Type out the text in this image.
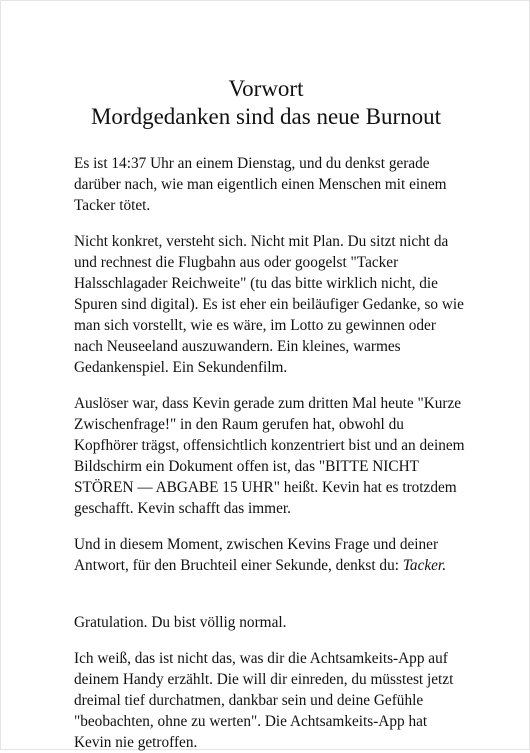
Vorwort
Mordgedanken sind das neue Burnout

Es ist 14:37 Uhr an einem Dienstag, und du denkst gerade darüber nach, wie man eigentlich einen Menschen mit einem Tacker tötet.

Nicht konkret, versteht sich. Nicht mit Plan. Du sitzt nicht da und rechnest die Flugbahn aus oder googelst "Tacker Halsschlagader Reichweite" (tu das bitte wirklich nicht, die Spuren sind digital). Es ist eher ein beiläufiger Gedanke, so wie man sich vorstellt, wie es wäre, im Lotto zu gewinnen oder nach Neuseeland auszuwandern. Ein kleines, warmes Gedankenspiel. Ein Sekundenfilm.

Auslöser war, dass Kevin gerade zum dritten Mal heute "Kurze Zwischenfrage!" in den Raum gerufen hat, obwohl du Kopfhörer trägst, offensichtlich konzentriert bist und an deinem Bildschirm ein Dokument offen ist, das "BITTE NICHT STÖREN — ABGABE 15 UHR" heißt. Kevin hat es trotzdem geschafft. Kevin schafft das immer.

Und in diesem Moment, zwischen Kevins Frage und deiner Antwort, für den Bruchteil einer Sekunde, denkst du: Tacker.

Gratulation. Du bist völlig normal.

Ich weiß, das ist nicht das, was dir die Achtsamkeits-App auf deinem Handy erzählt. Die will dir einreden, du müsstest jetzt dreimal tief durchatmen, dankbar sein und deine Gefühle "beobachten, ohne zu werten". Die Achtsamkeits-App hat Kevin nie getroffen.
